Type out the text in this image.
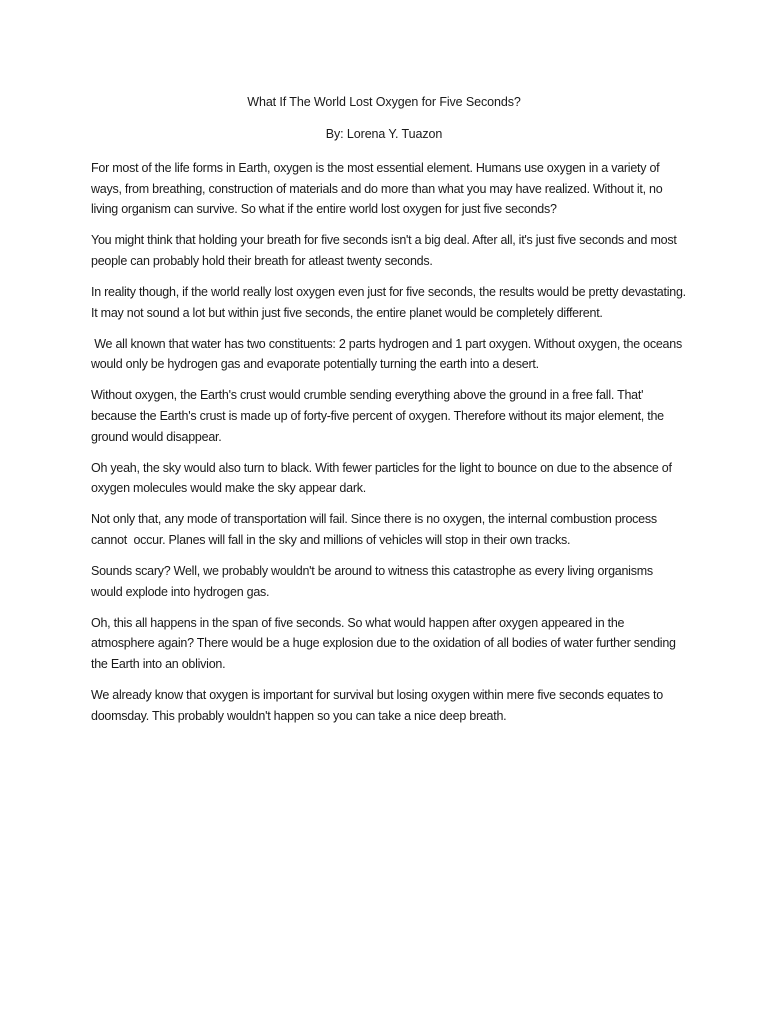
What If The World Lost Oxygen for Five Seconds?
By: Lorena Y. Tuazon

For most of the life forms in Earth, oxygen is the most essential element. Humans use oxygen in a variety of ways, from breathing, construction of materials and do more than what you may have realized. Without it, no living organism can survive. So what if the entire world lost oxygen for just five seconds?

You might think that holding your breath for five seconds isn't a big deal. After all, it's just five seconds and most people can probably hold their breath for atleast twenty seconds.

In reality though, if the world really lost oxygen even just for five seconds, the results would be pretty devastating. It may not sound a lot but within just five seconds, the entire planet would be completely different.

We all known that water has two constituents: 2 parts hydrogen and 1 part oxygen. Without oxygen, the oceans would only be hydrogen gas and evaporate potentially turning the earth into a desert.

Without oxygen, the Earth's crust would crumble sending everything above the ground in a free fall. That' because the Earth's crust is made up of forty-five percent of oxygen. Therefore without its major element, the ground would disappear.

Oh yeah, the sky would also turn to black. With fewer particles for the light to bounce on due to the absence of oxygen molecules would make the sky appear dark.

Not only that, any mode of transportation will fail. Since there is no oxygen, the internal combustion process cannot  occur. Planes will fall in the sky and millions of vehicles will stop in their own tracks.

Sounds scary? Well, we probably wouldn't be around to witness this catastrophe as every living organisms would explode into hydrogen gas.

Oh, this all happens in the span of five seconds. So what would happen after oxygen appeared in the atmosphere again? There would be a huge explosion due to the oxidation of all bodies of water further sending the Earth into an oblivion.

We already know that oxygen is important for survival but losing oxygen within mere five seconds equates to doomsday. This probably wouldn't happen so you can take a nice deep breath.
